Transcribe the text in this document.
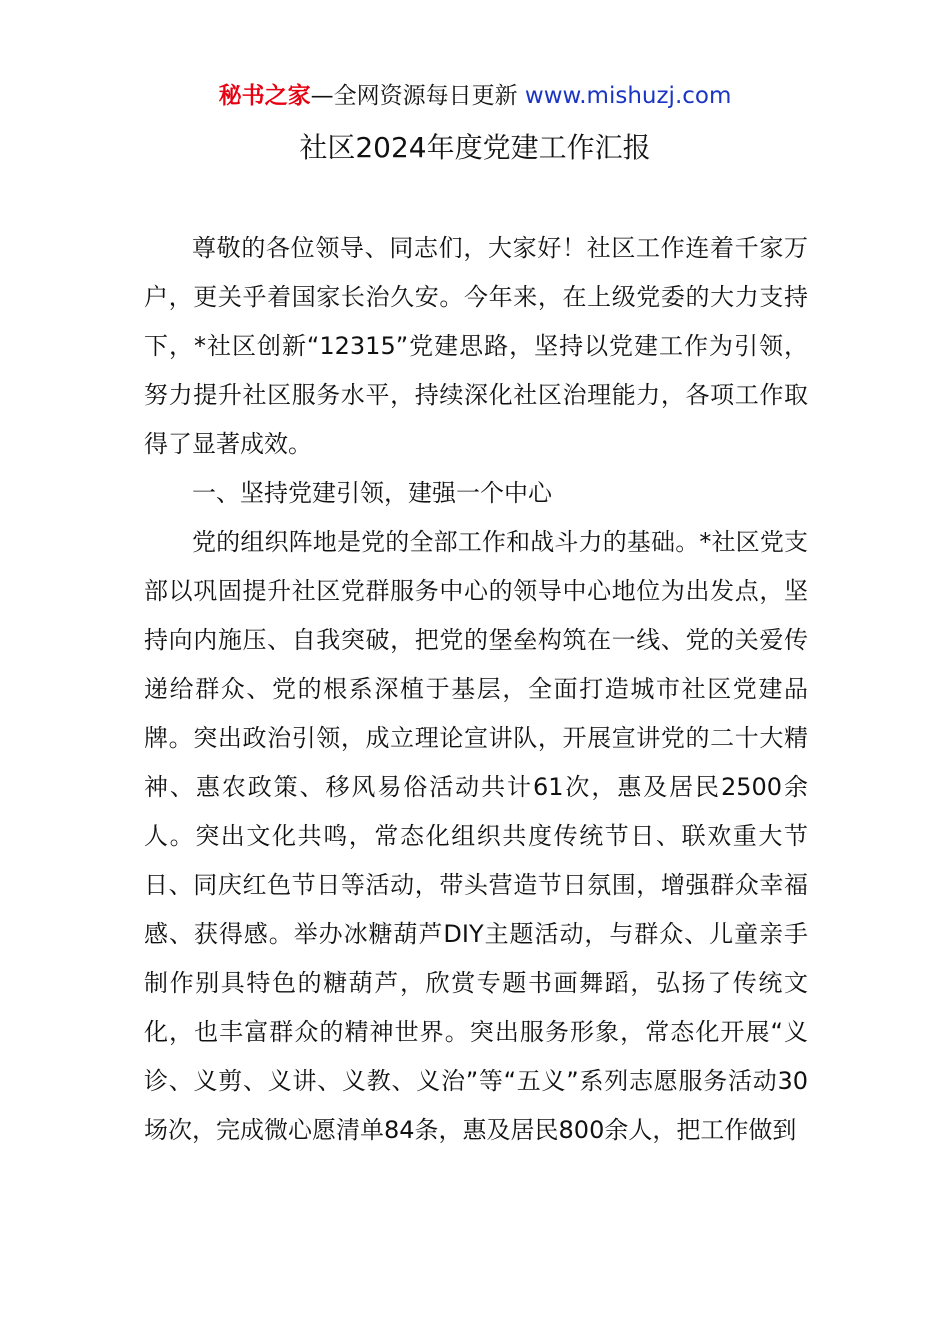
秘书之家—全网资源每日更新 www.mishuzj.com
社区2024年度党建工作汇报

尊敬的各位领导、同志们，大家好！社区工作连着千家万户，更关乎着国家长治久安。今年来，在上级党委的大力支持下，*社区创新“12315”党建思路，坚持以党建工作为引领，努力提升社区服务水平，持续深化社区治理能力，各项工作取得了显著成效。

一、坚持党建引领，建强一个中心

党的组织阵地是党的全部工作和战斗力的基础。*社区党支部以巩固提升社区党群服务中心的领导中心地位为出发点，坚持向内施压、自我突破，把党的堡垒构筑在一线、党的关爱传递给群众、党的根系深植于基层，全面打造城市社区党建品牌。突出政治引领，成立理论宣讲队，开展宣讲党的二十大精神、惠农政策、移风易俗活动共计61次，惠及居民2500余人。突出文化共鸣，常态化组织共度传统节日、联欢重大节日、同庆红色节日等活动，带头营造节日氛围，增强群众幸福感、获得感。举办冰糖葫芦DIY主题活动，与群众、儿童亲手制作别具特色的糖葫芦，欣赏专题书画舞蹈，弘扬了传统文化，也丰富群众的精神世界。突出服务形象，常态化开展“义诊、义剪、义讲、义教、义治”等“五义”系列志愿服务活动30场次，完成微心愿清单84条，惠及居民800余人，把工作做到
